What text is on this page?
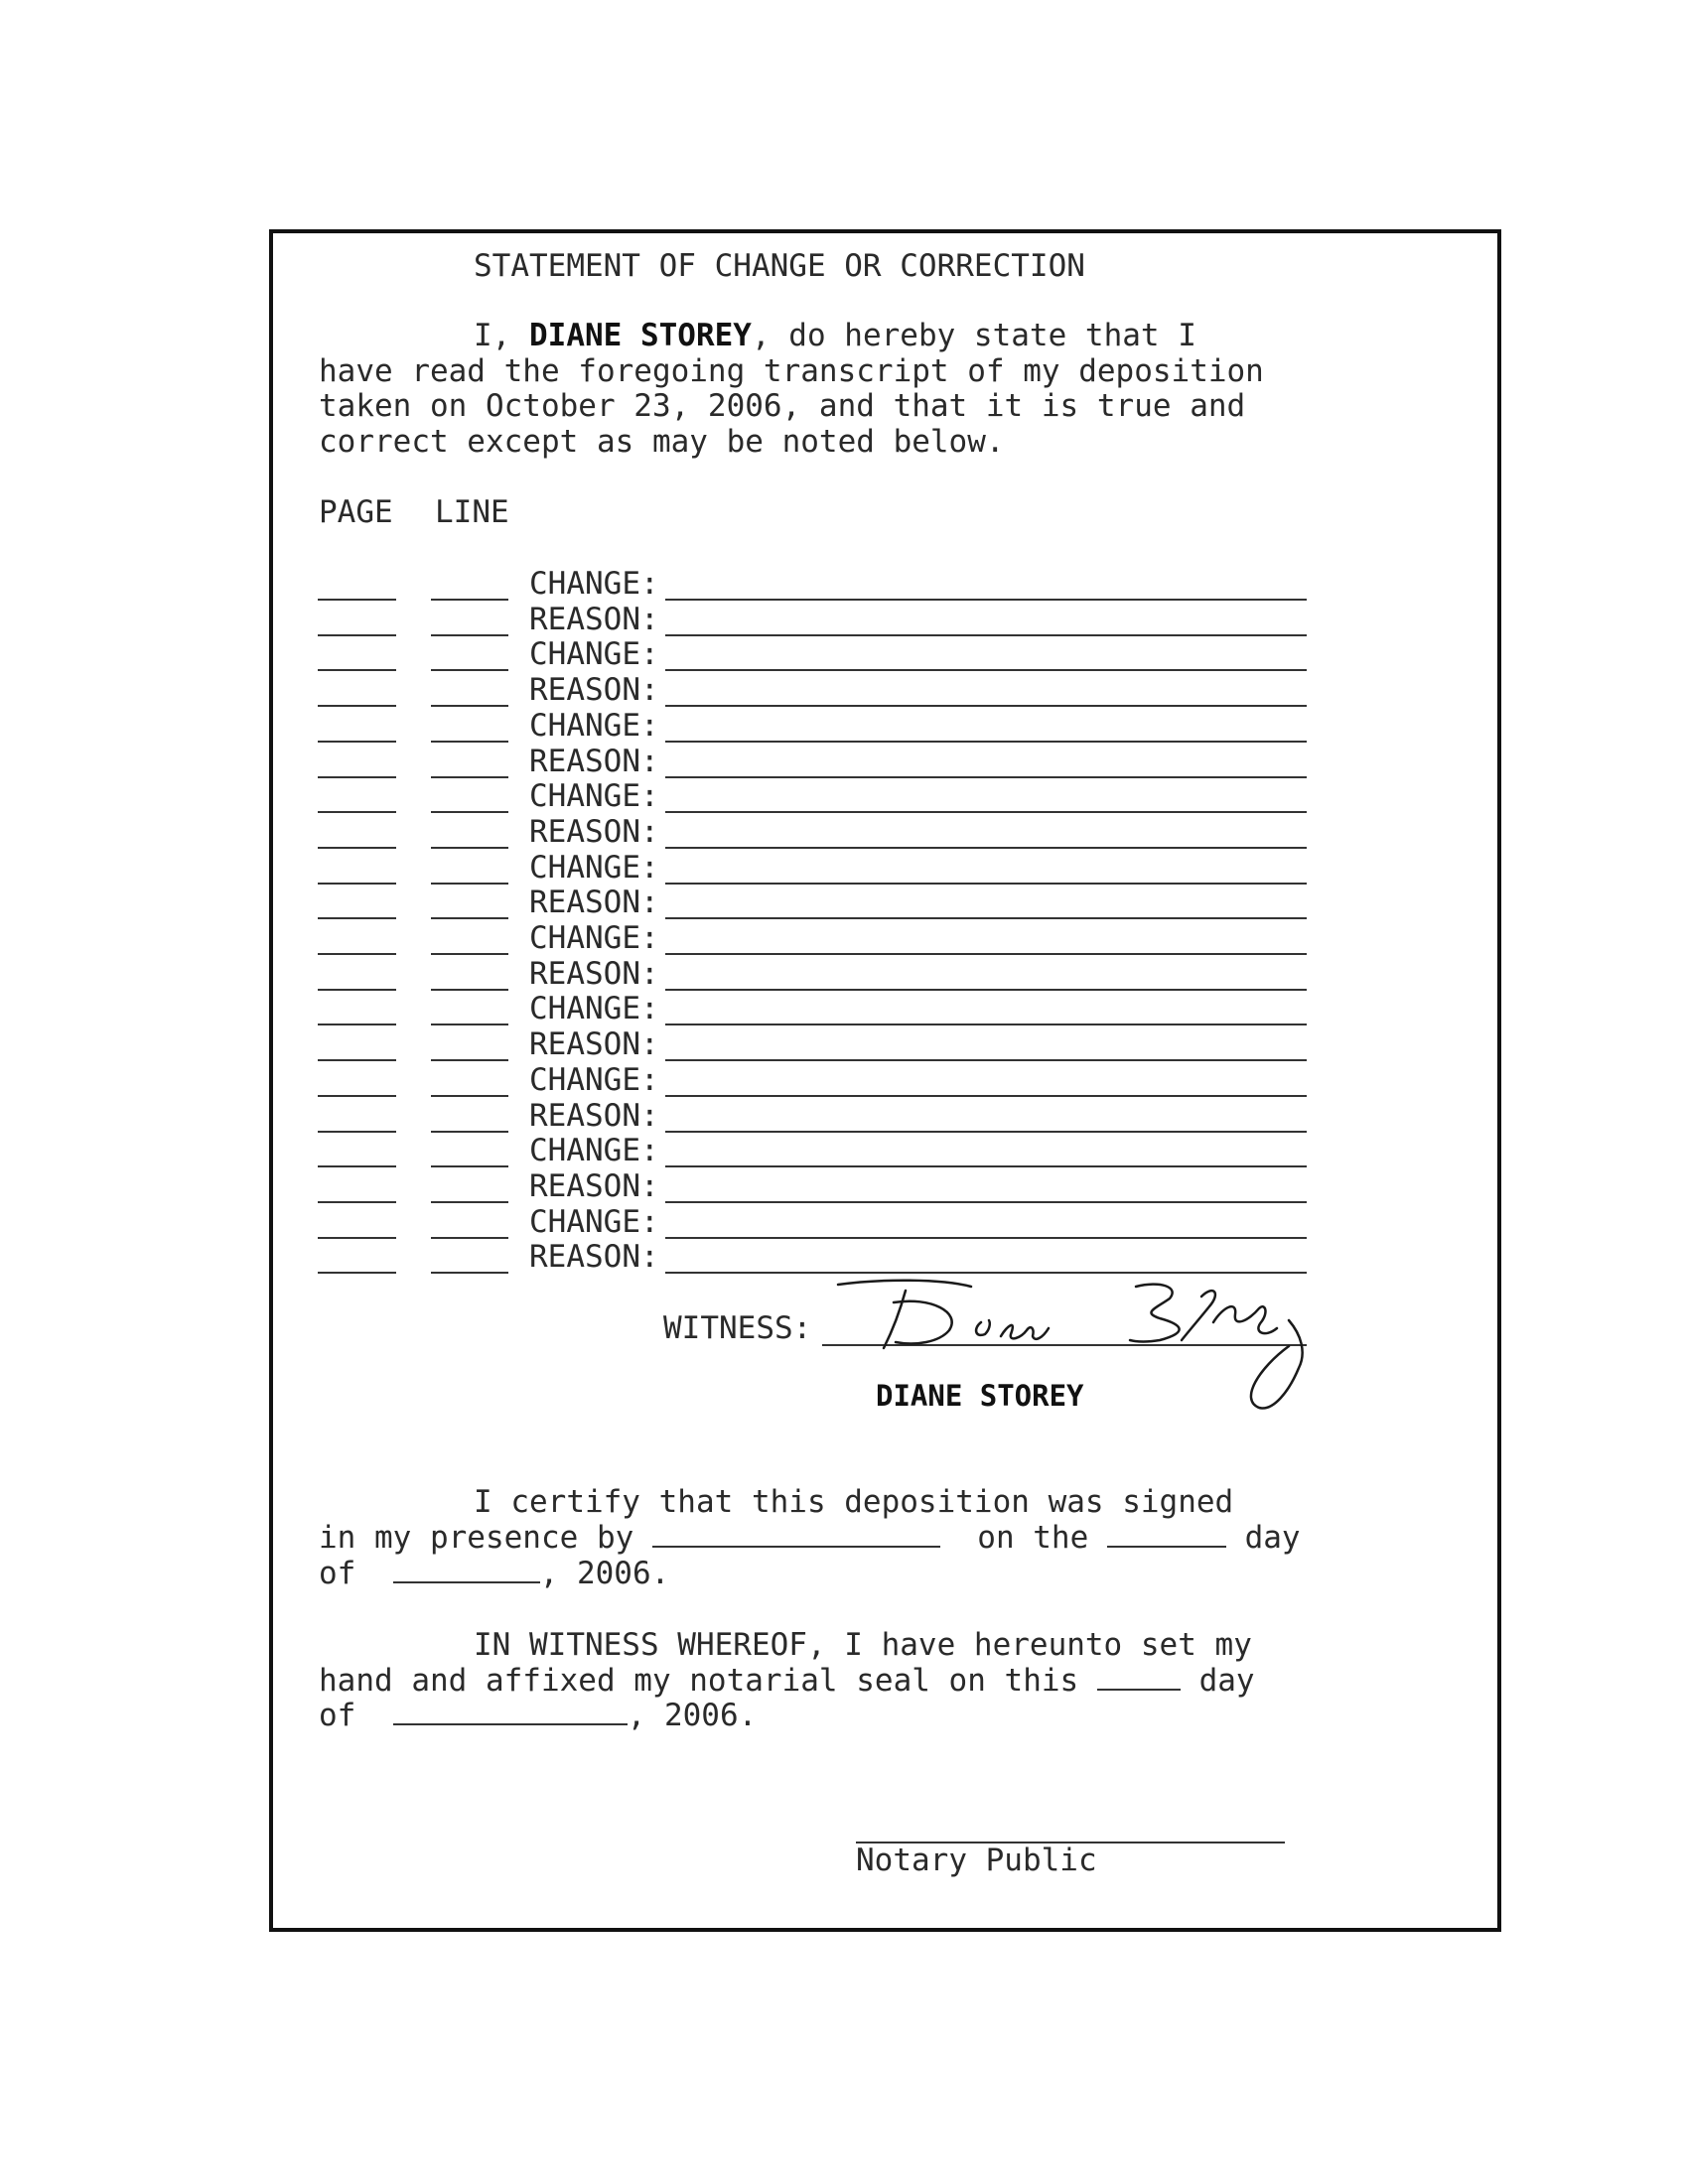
STATEMENT OF CHANGE OR CORRECTION
I, DIANE STOREY, do hereby state that I
have read the foregoing transcript of my deposition
taken on October 23, 2006, and that it is true and
correct except as may be noted below.
PAGE LINE
CHANGE:
REASON:
CHANGE:
REASON:
CHANGE:
REASON:
CHANGE:
REASON:
CHANGE:
REASON:
CHANGE:
REASON:
CHANGE:
REASON:
CHANGE:
REASON:
CHANGE:
REASON:
CHANGE:
REASON:
WITNESS:
DIANE STOREY
I certify that this deposition was signed
in my presence by	on the	day
of	, 2006.
IN WITNESS WHEREOF, I have hereunto set my
hand and affixed my notarial seal on this	day
of	, 2006.
Notary Public
